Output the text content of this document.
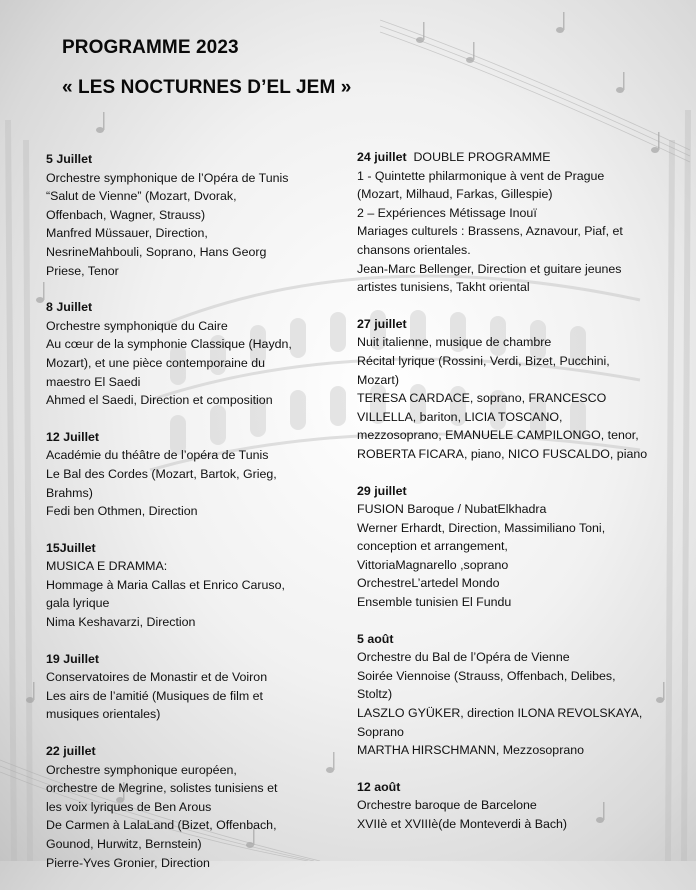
PROGRAMME 2023
« LES NOCTURNES D’EL JEM »
5 Juillet
Orchestre symphonique de l’Opéra de Tunis
“Salut de Vienne” (Mozart, Dvorak,
Offenbach, Wagner, Strauss)
Manfred Müssauer, Direction,
NesrineMahbouli, Soprano, Hans Georg
Priese, Tenor
8 Juillet
Orchestre symphonique du Caire
Au cœur de la symphonie Classique (Haydn,
Mozart), et une pièce contemporaine du
maestro El Saedi
Ahmed el Saedi, Direction et composition
12 Juillet
Académie du théâtre de l’opéra de Tunis
Le Bal des Cordes (Mozart, Bartok, Grieg,
Brahms)
Fedi ben Othmen, Direction
15Juillet
MUSICA E DRAMMA:
Hommage à Maria Callas et Enrico Caruso,
gala lyrique
Nima Keshavarzi, Direction
19 Juillet
Conservatoires de Monastir et de Voiron
Les airs de l’amitié (Musiques de film et
musiques orientales)
22 juillet
Orchestre symphonique européen,
orchestre de Megrine, solistes tunisiens et
les voix lyriques de Ben Arous
De Carmen à LalaLand (Bizet, Offenbach,
Gounod, Hurwitz, Bernstein)
Pierre-Yves Gronier, Direction
24 juillet DOUBLE PROGRAMME
1 - Quintette philarmonique à vent de Prague
(Mozart, Milhaud, Farkas, Gillespie)
2 – Expériences Métissage Inouï
Mariages culturels : Brassens, Aznavour, Piaf, et
chansons orientales.
Jean-Marc Bellenger, Direction et guitare jeunes
artistes tunisiens, Takht oriental
27 juillet
Nuit italienne, musique de chambre
Récital lyrique (Rossini, Verdi, Bizet, Pucchini,
Mozart)
TERESA CARDACE, soprano, FRANCESCO
VILLELLA, bariton, LICIA TOSCANO,
mezzosoprano, EMANUELE CAMPILONGO, tenor,
ROBERTA FICARA, piano, NICO FUSCALDO, piano
29 juillet
FUSION Baroque / NubatElkhadra
Werner Erhardt, Direction, Massimiliano Toni,
conception et arrangement,
VittoriaMagnarello ,soprano
OrchestreL’artedel Mondo
Ensemble tunisien El Fundu
5 août
Orchestre du Bal de l’Opéra de Vienne
Soirée Viennoise (Strauss, Offenbach, Delibes,
Stoltz)
LASZLO GYÜKER, direction ILONA REVOLSKAYA,
Soprano
MARTHA HIRSCHMANN, Mezzosoprano
12 août
Orchestre baroque de Barcelone
XVIIè et XVIIIè(de Monteverdi à Bach)
